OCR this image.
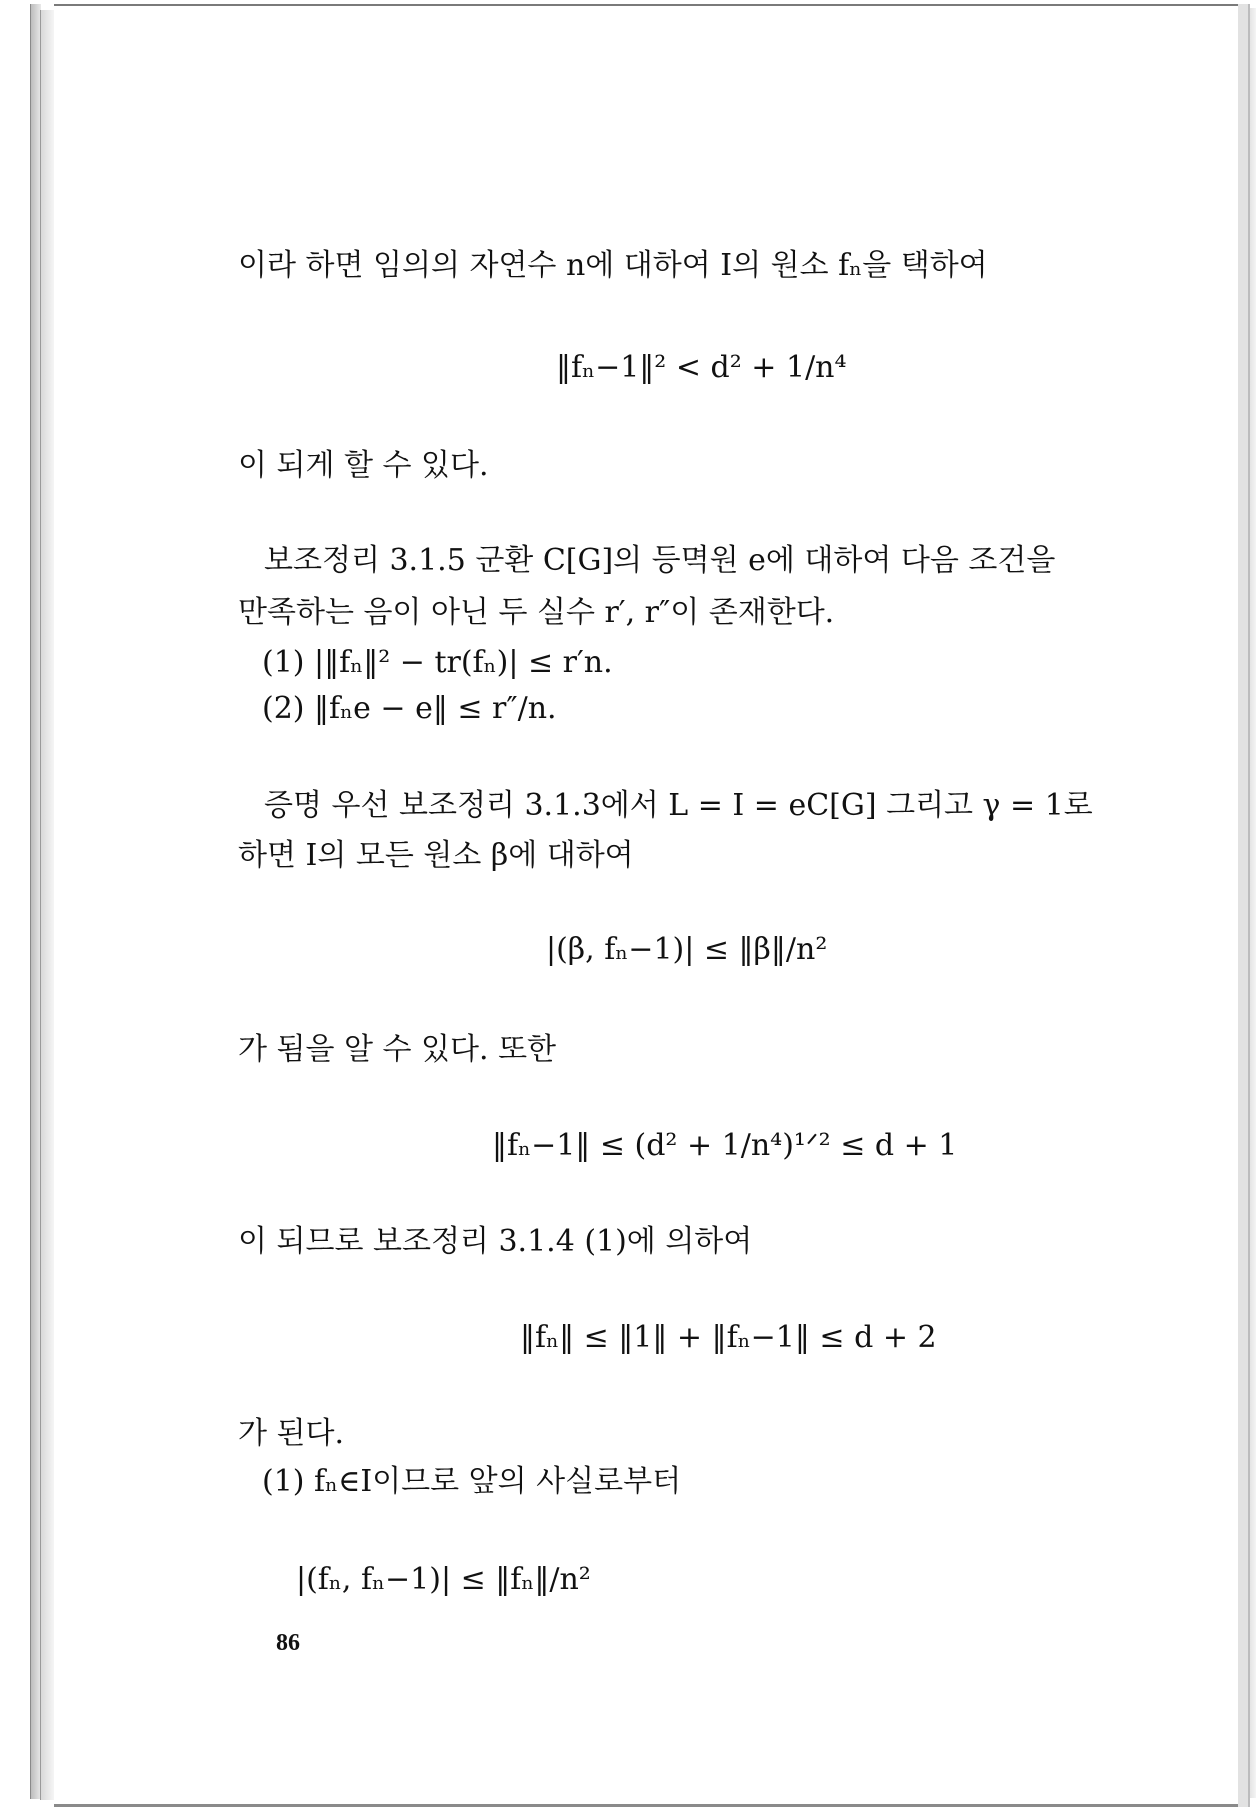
이라 하면 임의의 자연수 n에 대하여 I의 원소 fₙ을 택하여
‖fₙ−1‖² < d² + 1/n⁴
이 되게 할 수 있다.
보조정리 3.1.5 군환 C[G]의 등멱원 e에 대하여 다음 조건을
만족하는 음이 아닌 두 실수 r′, r″이 존재한다.
(1) |‖fₙ‖² − tr(fₙ)| ≤ r′n.
(2) ‖fₙe − e‖ ≤ r″/n.
증명 우선 보조정리 3.1.3에서 L = I = eC[G] 그리고 γ = 1로
하면 I의 모든 원소 β에 대하여
|(β, fₙ−1)| ≤ ‖β‖/n²
가 됨을 알 수 있다. 또한
‖fₙ−1‖ ≤ (d² + 1/n⁴)¹ᐟ² ≤ d + 1
이 되므로 보조정리 3.1.4 (1)에 의하여
‖fₙ‖ ≤ ‖1‖ + ‖fₙ−1‖ ≤ d + 2
가 된다.
(1) fₙ∈I이므로 앞의 사실로부터
|(fₙ, fₙ−1)| ≤ ‖fₙ‖/n²
86
